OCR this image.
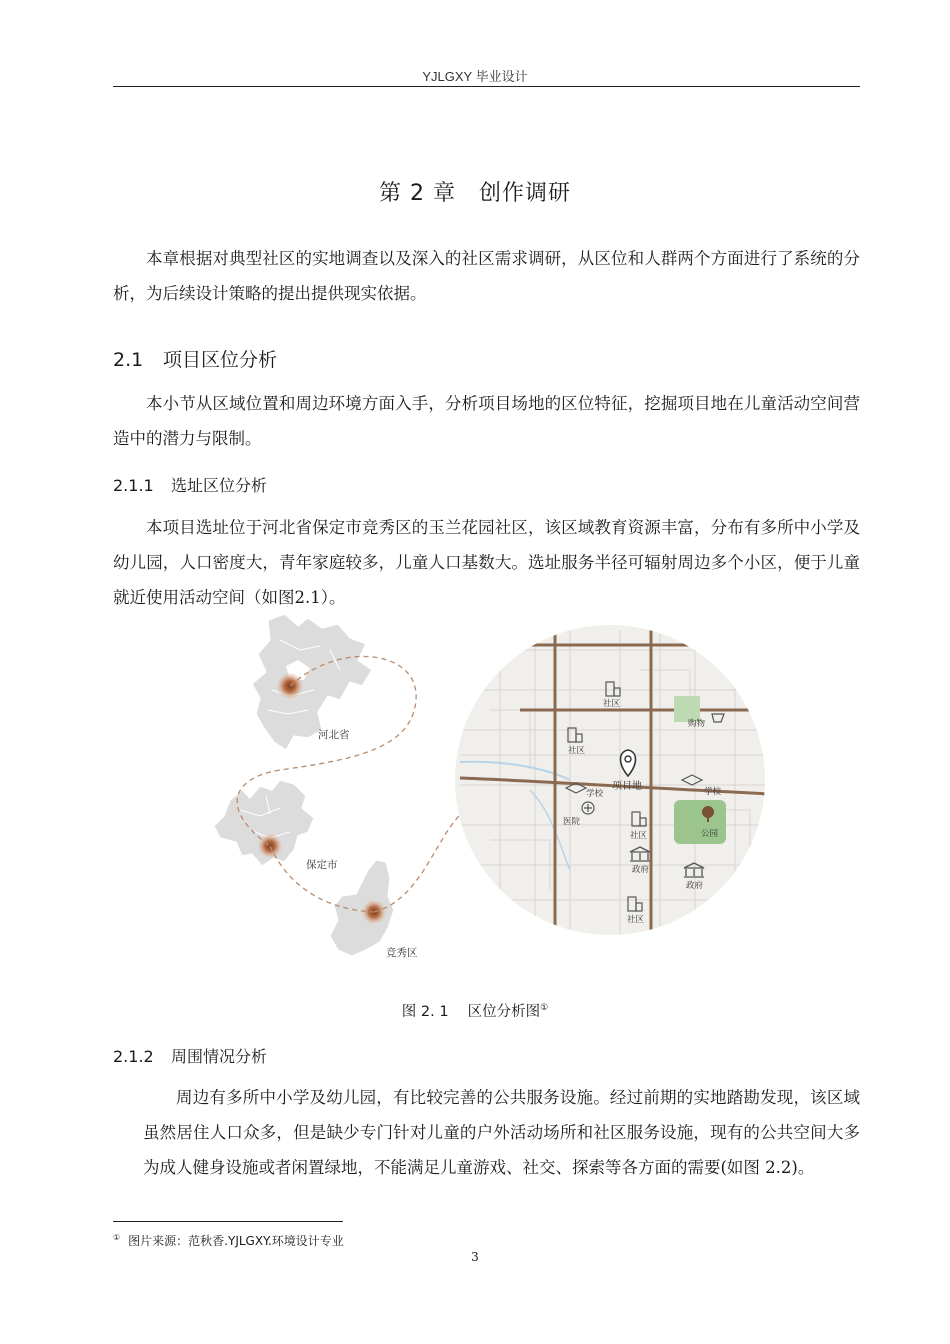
YJLGXY 毕业设计
第 2 章　创作调研

本章根据对典型社区的实地调查以及深入的社区需求调研，从区位和人群两个方面进行了系统的分析，为后续设计策略的提出提供现实依据。

2.1 项目区位分析

本小节从区域位置和周边环境方面入手，分析项目场地的区位特征，挖掘项目地在儿童活动空间营造中的潜力与限制。

2.1.1 选址区位分析

本项目选址位于河北省保定市竞秀区的玉兰花园社区，该区域教育资源丰富，分布有多所中小学及幼儿园，人口密度大，青年家庭较多，儿童人口基数大。选址服务半径可辐射周边多个小区，便于儿童就近使用活动空间（如图2.1）。

河北省
保定市
竞秀区
社区
购物
社区
项目地
学校	学校
医院
社区	公园
政府
政府
社区
图 2. 1　 区位分析图①
2.1.2 周围情况分析

周边有多所中小学及幼儿园，有比较完善的公共服务设施。经过前期的实地踏勘发现，该区域虽然居住人口众多，但是缺少专门针对儿童的户外活动场所和社区服务设施，现有的公共空间大多为成人健身设施或者闲置绿地，不能满足儿童游戏、社交、探索等各方面的需要(如图 2.2)。

① 图片来源：范秋香.YJLGXY.环境设计专业
3
